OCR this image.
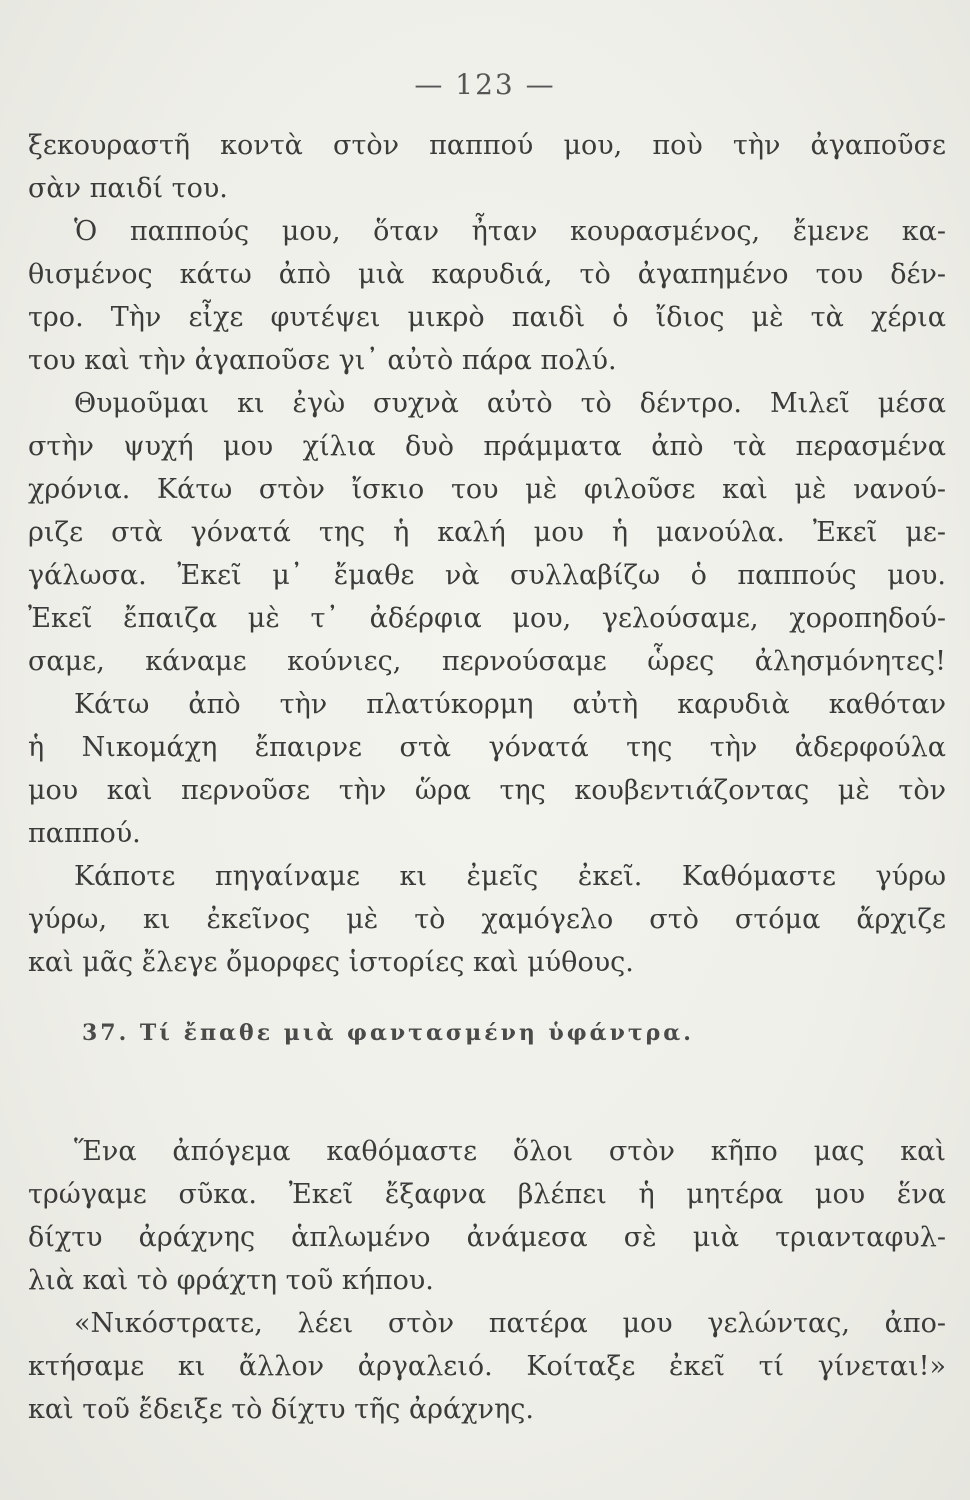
— 123 —
ξεκουραστῆ κοντὰ στὸν παππού μου, ποὺ τὴν ἀγαποῦσε
σὰν παιδί του.
Ὁ παππούς μου, ὅταν ἦταν κουρασμένος, ἔμενε κα-
θισμένος κάτω ἀπὸ μιὰ καρυδιά, τὸ ἀγαπημένο του δέν-
τρο. Τὴν εἶχε φυτέψει μικρὸ παιδὶ ὁ ἴδιος μὲ τὰ χέρια
του καὶ τὴν ἀγαποῦσε γι᾽ αὐτὸ πάρα πολύ.
Θυμοῦμαι κι ἐγὼ συχνὰ αὐτὸ τὸ δέντρο. Μιλεῖ μέσα
στὴν ψυχή μου χίλια δυὸ πράμματα ἀπὸ τὰ περασμένα
χρόνια. Κάτω στὸν ἴσκιο του μὲ φιλοῦσε καὶ μὲ νανού-
ριζε στὰ γόνατά της ἡ καλή μου ἡ μανούλα. Ἐκεῖ με-
γάλωσα. Ἐκεῖ μ᾽ ἔμαθε νὰ συλλαβίζω ὁ παππούς μου.
Ἐκεῖ ἔπαιζα μὲ τ᾽ ἀδέρφια μου, γελούσαμε, χοροπηδού-
σαμε, κάναμε κούνιες, περνούσαμε ὧρες ἀλησμόνητες!
Κάτω ἀπὸ τὴν πλατύκορμη αὐτὴ καρυδιὰ καθόταν
ἡ Νικομάχη ἔπαιρνε στὰ γόνατά της τὴν ἀδερφούλα
μου καὶ περνοῦσε τὴν ὥρα της κουβεντιάζοντας μὲ τὸν
παππού.
Κάποτε πηγαίναμε κι ἐμεῖς ἐκεῖ. Καθόμαστε γύρω
γύρω, κι ἐκεῖνος μὲ τὸ χαμόγελο στὸ στόμα ἄρχιζε
καὶ μᾶς ἔλεγε ὄμορφες ἱστορίες καὶ μύθους.
37. Τί ἔπαθε μιὰ φαντασμένη ὑφάντρα.
Ἕνα ἀπόγεμα καθόμαστε ὅλοι στὸν κῆπο μας καὶ
τρώγαμε σῦκα. Ἐκεῖ ἔξαφνα βλέπει ἡ μητέρα μου ἕνα
δίχτυ ἀράχνης ἁπλωμένο ἀνάμεσα σὲ μιὰ τριανταφυλ-
λιὰ καὶ τὸ φράχτη τοῦ κήπου.
«Νικόστρατε, λέει στὸν πατέρα μου γελώντας, ἀπο-
κτήσαμε κι ἄλλον ἀργαλειό. Κοίταξε ἐκεῖ τί γίνεται!»
καὶ τοῦ ἔδειξε τὸ δίχτυ τῆς ἀράχνης.
